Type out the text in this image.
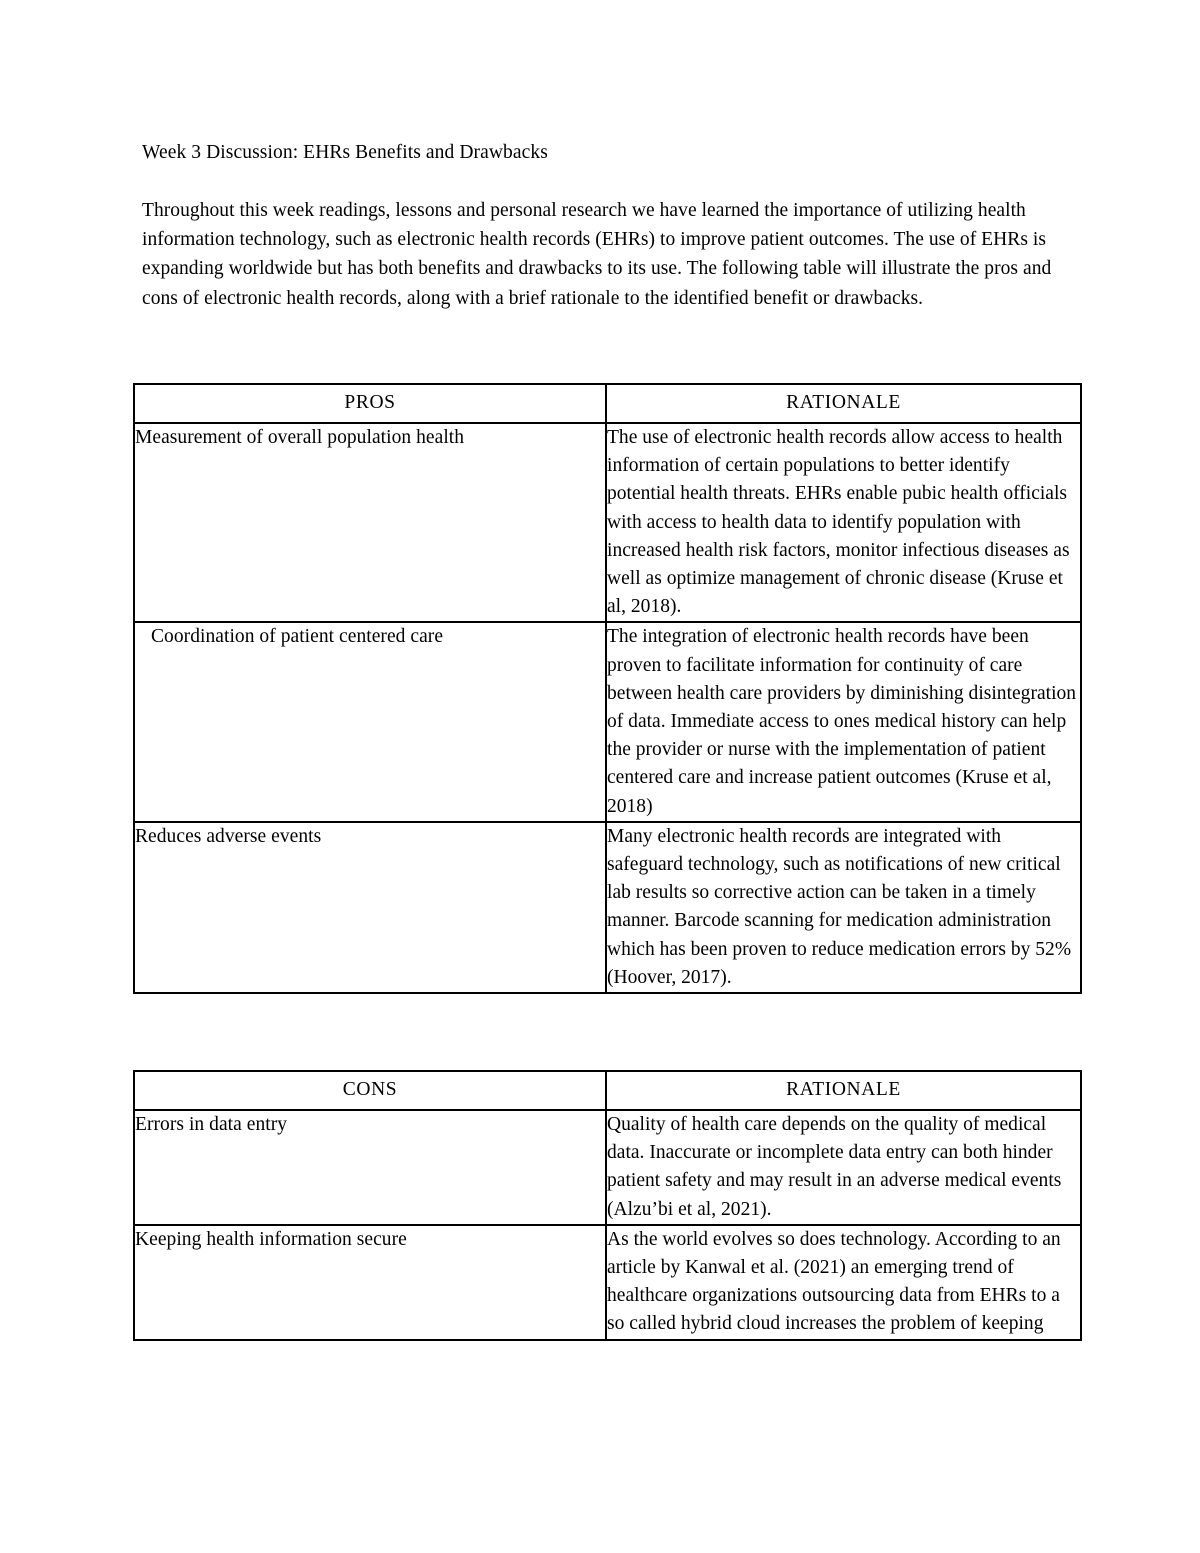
Week 3 Discussion: EHRs Benefits and Drawbacks

Throughout this week readings, lessons and personal research we have learned the importance of utilizing health information technology, such as electronic health records (EHRs) to improve patient outcomes. The use of EHRs is expanding worldwide but has both benefits and drawbacks to its use. The following table will illustrate the pros and cons of electronic health records, along with a brief rationale to the identified benefit or drawbacks.

PROS	RATIONALE

Measurement of overall population health	The use of electronic health records allow access to health information of certain populations to better identify potential health threats. EHRs enable pubic health officials with access to health data to identify population with increased health risk factors, monitor infectious diseases as well as optimize management of chronic disease (Kruse et al, 2018).

Coordination of patient centered care	The integration of electronic health records have been proven to facilitate information for continuity of care between health care providers by diminishing disintegration of data. Immediate access to ones medical history can help the provider or nurse with the implementation of patient centered care and increase patient outcomes (Kruse et al, 2018)

Reduces adverse events	Many electronic health records are integrated with safeguard technology, such as notifications of new critical lab results so corrective action can be taken in a timely manner. Barcode scanning for medication administration which has been proven to reduce medication errors by 52% (Hoover, 2017).
CONS	RATIONALE

Errors in data entry	Quality of health care depends on the quality of medical data. Inaccurate or incomplete data entry can both hinder patient safety and may result in an adverse medical events (Alzu’bi et al, 2021).

Keeping health information secure	As the world evolves so does technology. According to an article by Kanwal et al. (2021) an emerging trend of healthcare organizations outsourcing data from EHRs to a so called hybrid cloud increases the problem of keeping
